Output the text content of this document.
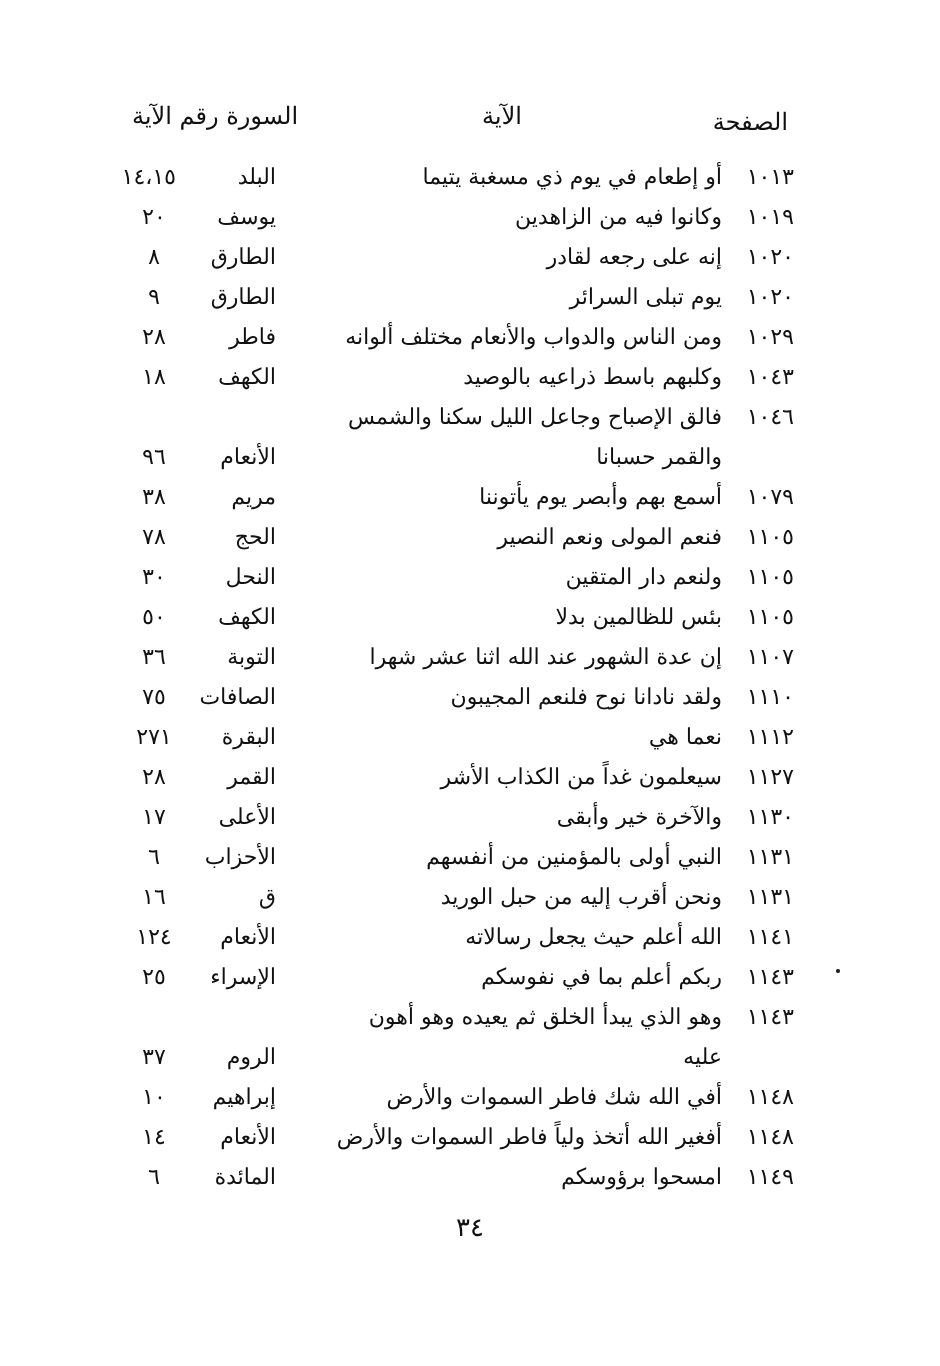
الصفحة
الآية
السورة رقم الآية
١٠١٣
أو إطعام في يوم ذي مسغبة يتيما
البلد
١٤،١٥
١٠١٩
وكانوا فيه من الزاهدين
يوسف
٢٠
١٠٢٠
إنه على رجعه لقادر
الطارق
٨
١٠٢٠
يوم تبلى السرائر
الطارق
٩
١٠٢٩
ومن الناس والدواب والأنعام مختلف ألوانه
فاطر
٢٨
١٠٤٣
وكلبهم باسط ذراعيه بالوصيد
الكهف
١٨
١٠٤٦
فالق الإصباح وجاعل الليل سكنا والشمس
والقمر حسبانا
الأنعام
٩٦
١٠٧٩
أسمع بهم وأبصر يوم يأتوننا
مريم
٣٨
١١٠٥
فنعم المولى ونعم النصير
الحج
٧٨
١١٠٥
ولنعم دار المتقين
النحل
٣٠
١١٠٥
بئس للظالمين بدلا
الكهف
٥٠
١١٠٧
إن عدة الشهور عند الله اثنا عشر شهرا
التوبة
٣٦
١١١٠
ولقد نادانا نوح فلنعم المجيبون
الصافات
٧٥
١١١٢
نعما هي
البقرة
٢٧١
١١٢٧
سيعلمون غداً من الكذاب الأشر
القمر
٢٨
١١٣٠
والآخرة خير وأبقى
الأعلى
١٧
١١٣١
النبي أولى بالمؤمنين من أنفسهم
الأحزاب
٦
١١٣١
ونحن أقرب إليه من حبل الوريد
ق
١٦
١١٤١
الله أعلم حيث يجعل رسالاته
الأنعام
١٢٤
١١٤٣
ربكم أعلم بما في نفوسكم
الإسراء
٢٥
١١٤٣
وهو الذي يبدأ الخلق ثم يعيده وهو أهون
عليه
الروم
٣٧
١١٤٨
أفي الله شك فاطر السموات والأرض
إبراهيم
١٠
١١٤٨
أفغير الله أتخذ ولياً فاطر السموات والأرض
الأنعام
١٤
١١٤٩
امسحوا برؤوسكم
المائدة
٦
٣٤
